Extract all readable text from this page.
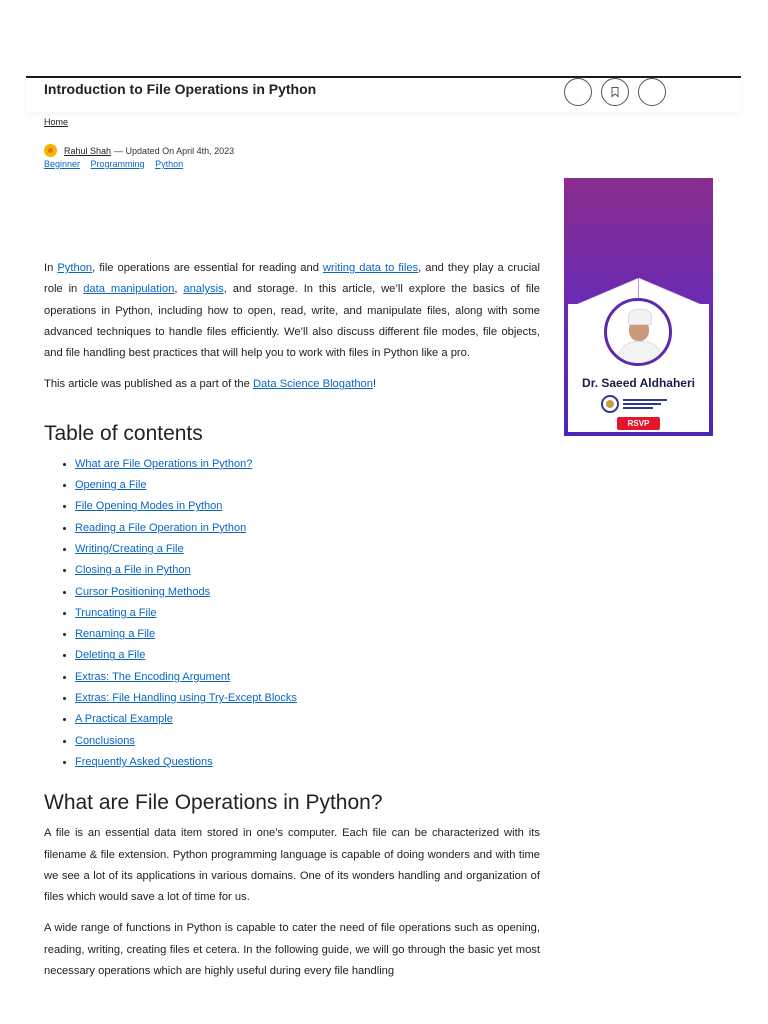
Introduction to File Operations in Python
Home
Rahul Shah — Updated On April 4th, 2023
Beginner Programming Python

In Python, file operations are essential for reading and writing data to files, and they play a crucial role in data manipulation, analysis, and storage. In this article, we’ll explore the basics of file operations in Python, including how to open, read, write, and manipulate files, along with some advanced techniques to handle files efficiently. We’ll also discuss different file modes, file objects, and file handling best practices that will help you to work with files in Python like a pro.

This article was published as a part of the Data Science Blogathon!

Table of contents
• What are File Operations in Python?
• Opening a File
• File Opening Modes in Python
• Reading a File Operation in Python
• Writing/Creating a File
• Closing a File in Python
• Cursor Positioning Methods
• Truncating a File
• Renaming a File
• Deleting a File
• Extras: The Encoding Argument
• Extras: File Handling using Try-Except Blocks
• A Practical Example
• Conclusions
• Frequently Asked Questions
What are File Operations in Python?

A file is an essential data item stored in one’s computer. Each file can be characterized with its filename & file extension. Python programming language is capable of doing wonders and with time we see a lot of its applications in various domains. One of its wonders handling and organization of files which would save a lot of time for us.

A wide range of functions in Python is capable to cater the need of file operations such as opening, reading, writing, creating files et cetera. In the following guide, we will go through the basic yet most necessary operations which are highly useful during every file handling

Dr. Saeed Aldhaheri
RSVP
